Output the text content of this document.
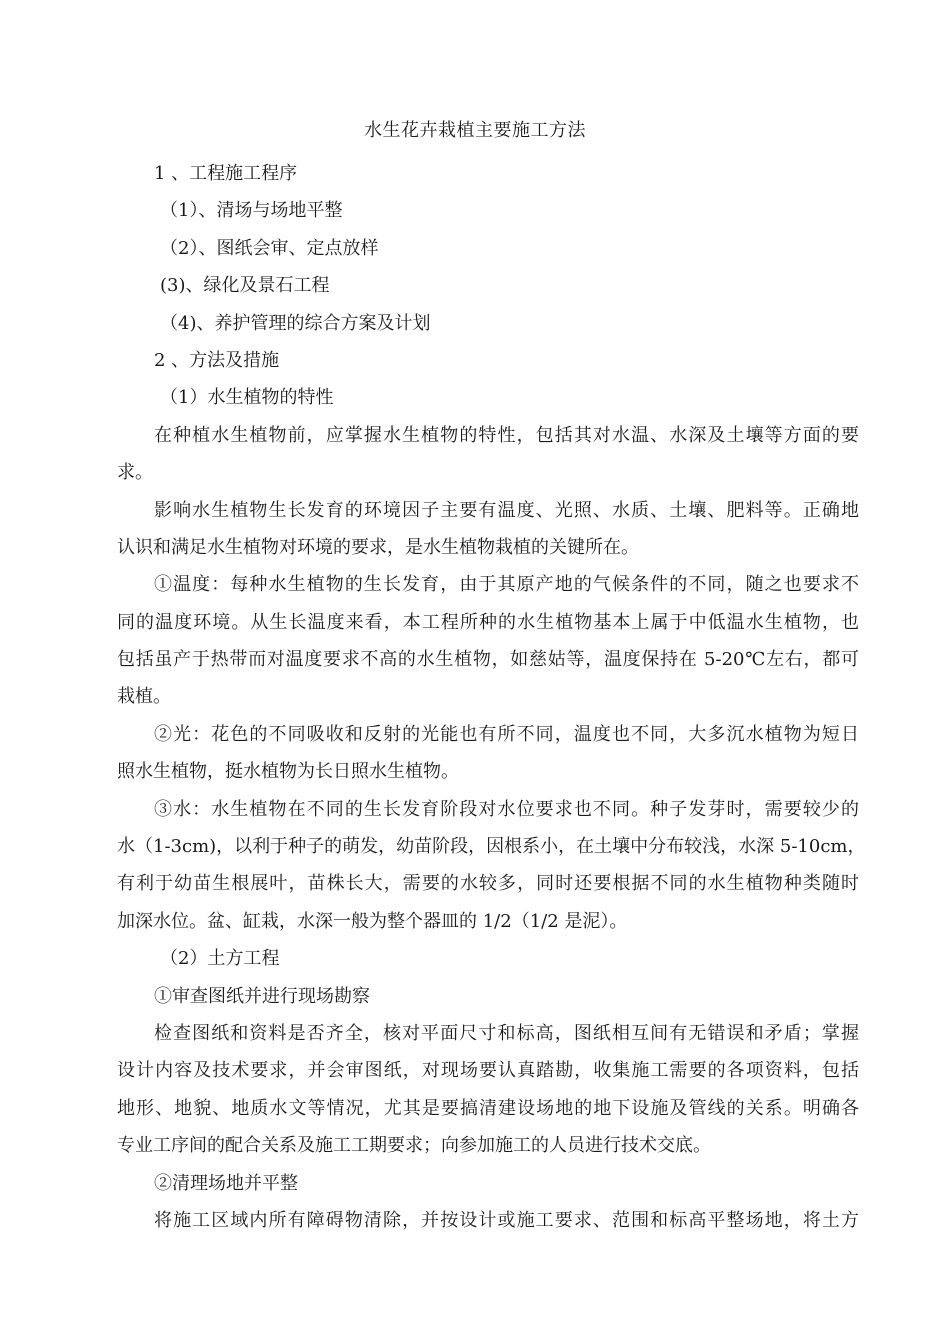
水生花卉栽植主要施工方法
1 、工程施工程序
（1）、清场与场地平整
（2）、图纸会审、定点放样
(3)、绿化及景石工程
（4)、养护管理的综合方案及计划
2 、方法及措施
（1）水生植物的特性
在种植水生植物前，应掌握水生植物的特性，包括其对水温、水深及土壤等方面的要
求。
影响水生植物生长发育的环境因子主要有温度、光照、水质、土壤、肥料等。正确地
认识和满足水生植物对环境的要求，是水生植物栽植的关键所在。
①温度：每种水生植物的生长发育，由于其原产地的气候条件的不同，随之也要求不
同的温度环境。从生长温度来看，本工程所种的水生植物基本上属于中低温水生植物，也
包括虽产于热带而对温度要求不高的水生植物，如慈姑等，温度保持在 5-20℃左右，都可
栽植。
②光：花色的不同吸收和反射的光能也有所不同，温度也不同，大多沉水植物为短日
照水生植物，挺水植物为长日照水生植物。
③水：水生植物在不同的生长发育阶段对水位要求也不同。种子发芽时，需要较少的
水（1-3cm)，以利于种子的萌发，幼苗阶段，因根系小，在土壤中分布较浅，水深 5-10cm，
有利于幼苗生根展叶，苗株长大，需要的水较多，同时还要根据不同的水生植物种类随时
加深水位。盆、缸栽，水深一般为整个器皿的 1/2（1/2 是泥）。
（2）土方工程
①审查图纸并进行现场勘察
检查图纸和资料是否齐全，核对平面尺寸和标高，图纸相互间有无错误和矛盾；掌握
设计内容及技术要求，并会审图纸，对现场要认真踏勘，收集施工需要的各项资料，包括
地形、地貌、地质水文等情况，尤其是要搞清建设场地的地下设施及管线的关系。明确各
专业工序间的配合关系及施工工期要求；向参加施工的人员进行技术交底。
②清理场地并平整
将施工区域内所有障碍物清除，并按设计或施工要求、范围和标高平整场地，将土方
